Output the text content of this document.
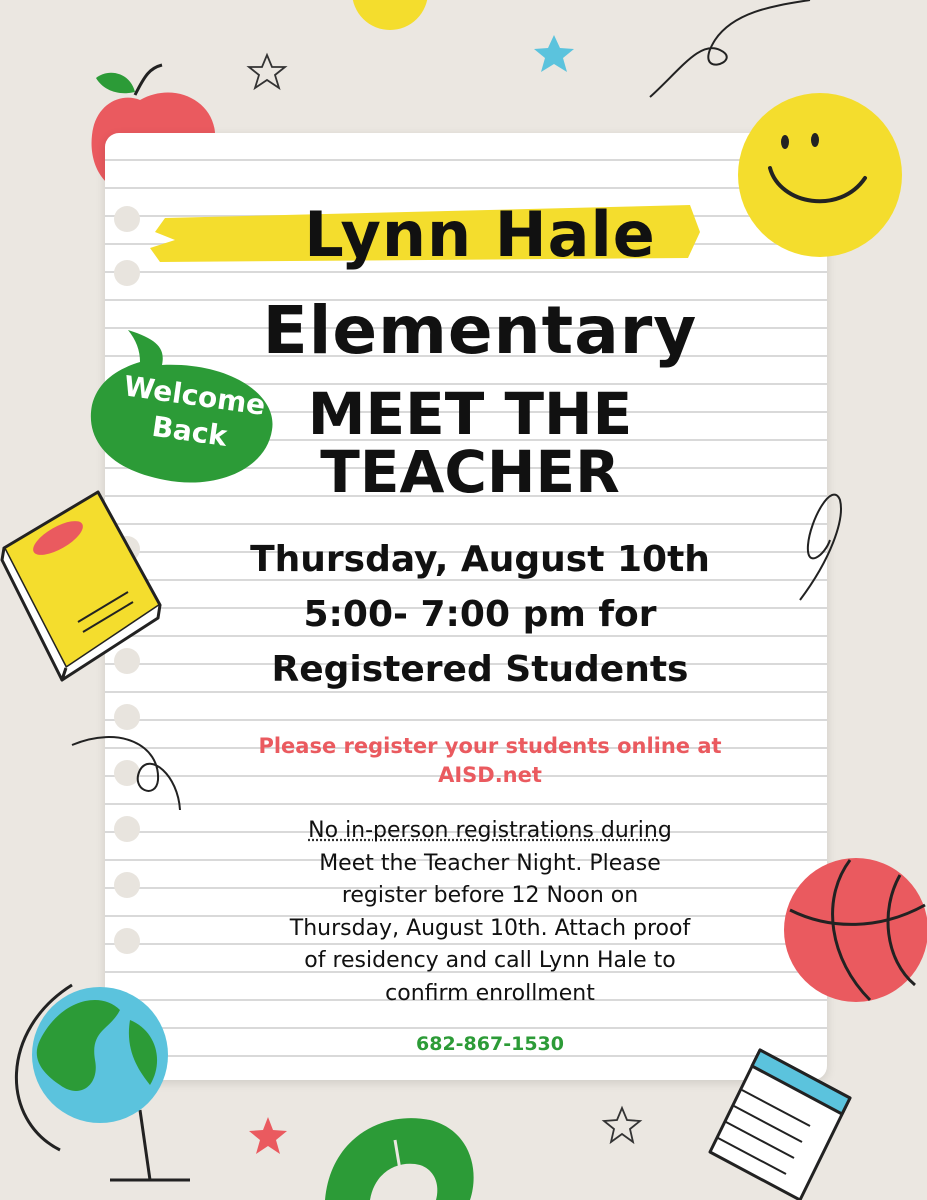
Welcome
Back
Lynn Hale
Elementary
MEET THE
TEACHER
Thursday, August 10th
5:00- 7:00 pm for
Registered Students
Please register your students online at
AISD.net
No in-person registrations during
Meet the Teacher Night. Please
register before 12 Noon on
Thursday, August 10th. Attach proof
of residency and call Lynn Hale to
confirm enrollment
682-867-1530
